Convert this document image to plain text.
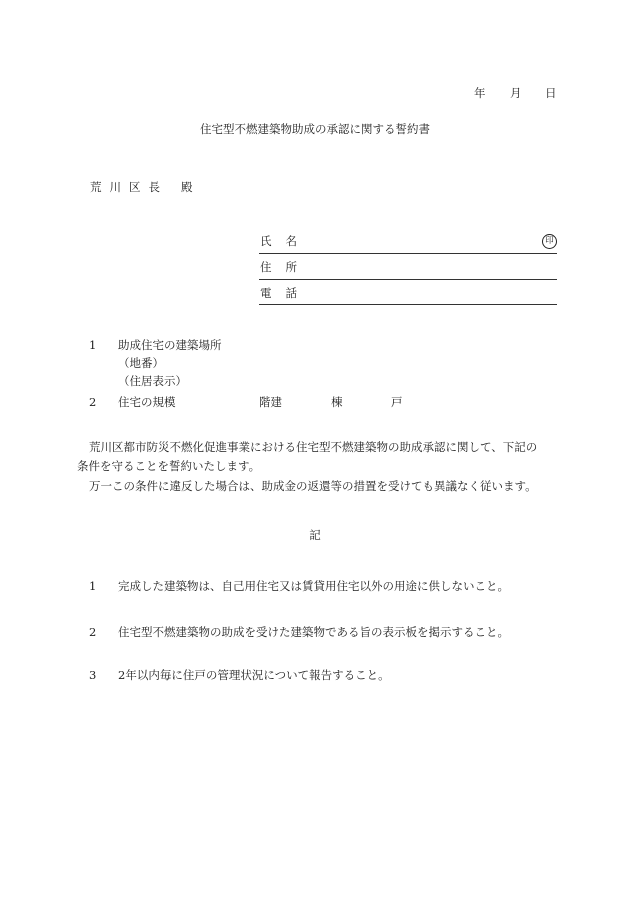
年 月 日
住宅型不燃建築物助成の承認に関する誓約書
荒川区長 殿
氏名	印
住所
電話
1 助成住宅の建築場所
（地番）
（住居表示）
2 住宅の規模	階建	棟	戸
荒川区都市防災不燃化促進事業における住宅型不燃建築物の助成承認に関して、下記の
条件を守ることを誓約いたします。
万一この条件に違反した場合は、助成金の返還等の措置を受けても異議なく従います。
記
1 完成した建築物は、自己用住宅又は賃貸用住宅以外の用途に供しないこと。
2 住宅型不燃建築物の助成を受けた建築物である旨の表示板を掲示すること。
3 2年以内毎に住戸の管理状況について報告すること。
